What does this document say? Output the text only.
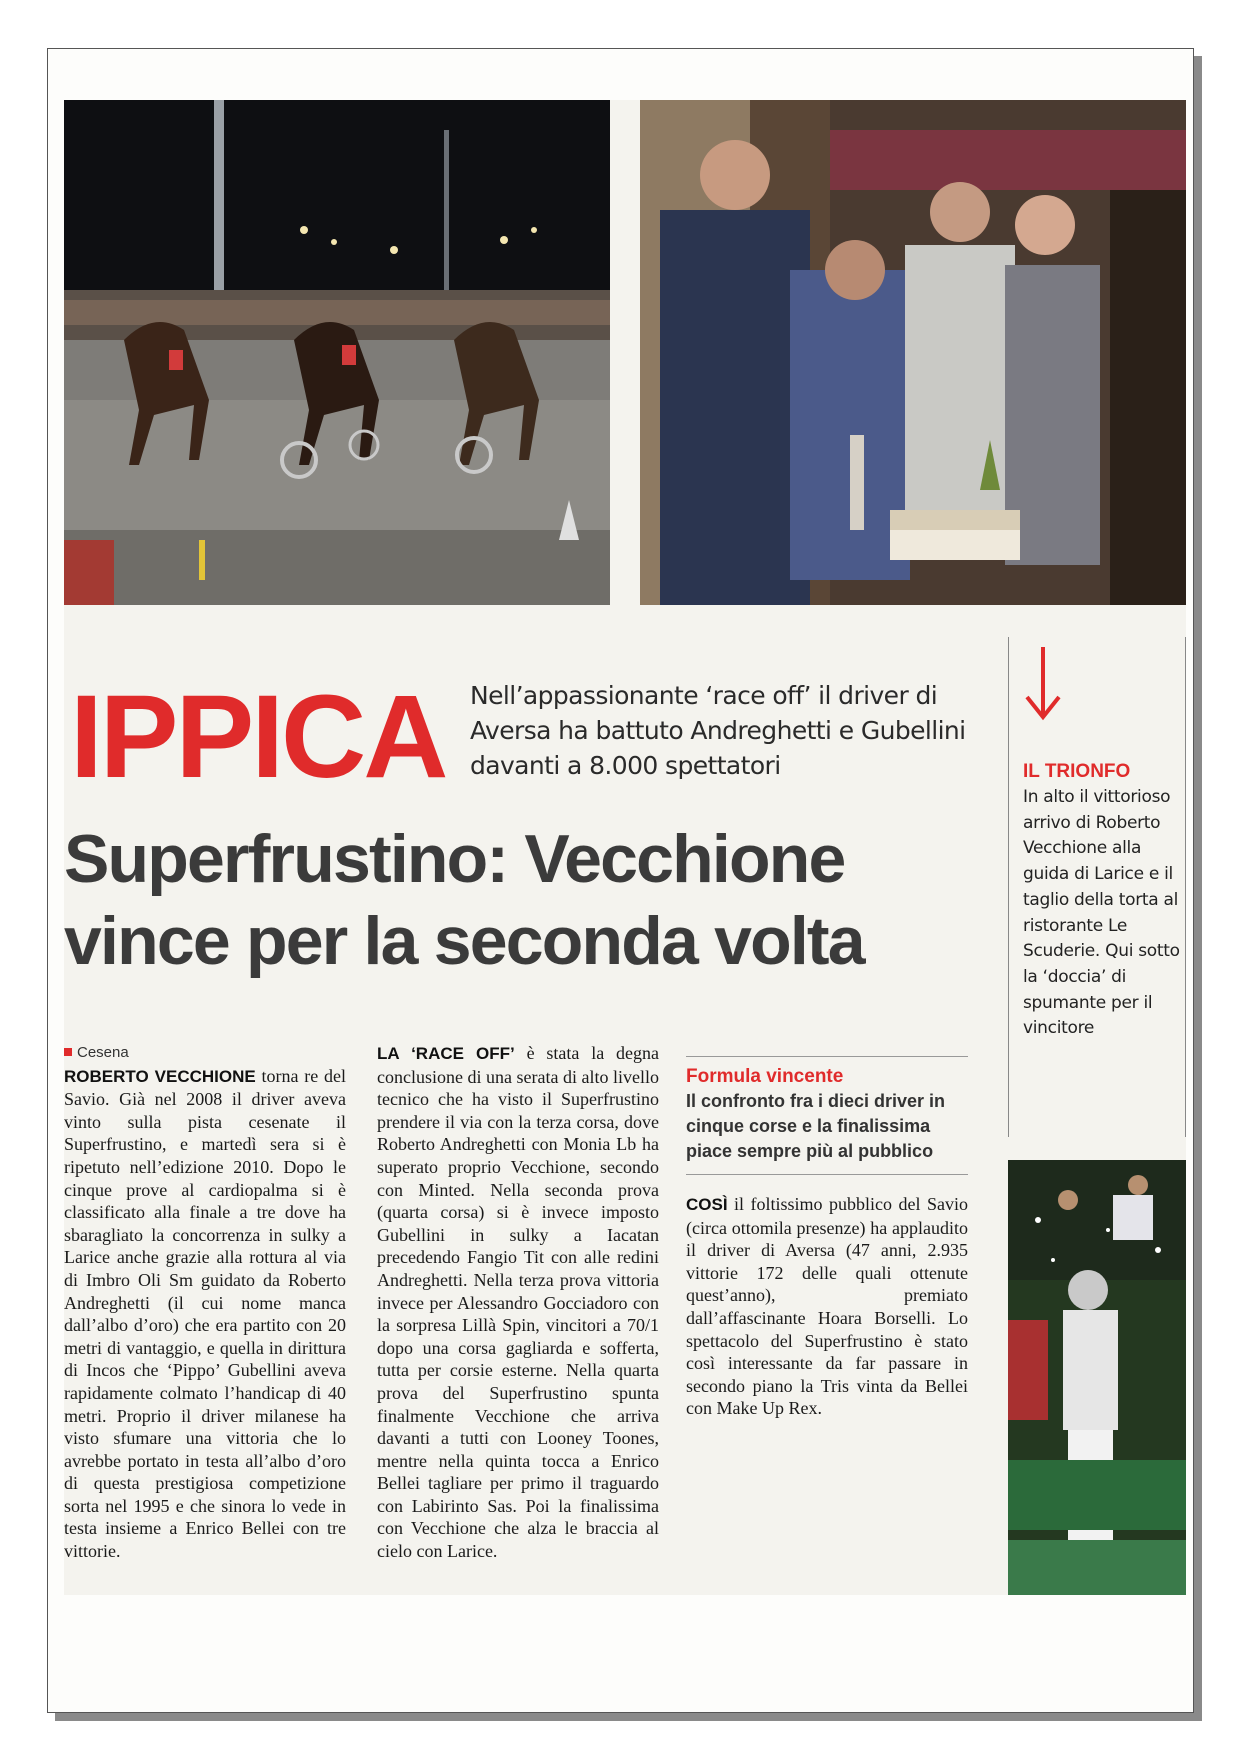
IPPICA Nell’appassionante ‘race off’ il driver di Aversa ha battuto Andreghetti e Gubellini davanti a 8.000 spettatori
Superfrustino: Vecchione
vince per la seconda volta
Cesena

ROBERTO VECCHIONE torna re del Savio. Già nel 2008 il driver aveva vinto sulla pista cesenate il Superfrustino, e martedì sera si è ripetuto nell’edizione 2010. Dopo le cinque prove al cardiopalma si è classificato alla finale a tre dove ha sbaragliato la concorrenza in sulky a Larice anche grazie alla rottura al via di Imbro Oli Sm guidato da Roberto Andreghetti (il cui nome manca dall’albo d’oro) che era partito con 20 metri di vantaggio, e quella in dirittura di Incos che ‘Pippo’ Gubellini aveva rapidamente colmato l’handicap di 40 metri. Proprio il driver milanese ha visto sfumare una vittoria che lo avrebbe portato in testa all’albo d’oro di questa prestigiosa competizione sorta nel 1995 e che sinora lo vede in testa insieme a Enrico Bellei con tre vittorie.

LA ‘RACE OFF’ è stata la degna conclusione di una serata di alto livello tecnico che ha visto il Superfrustino prendere il via con la terza corsa, dove Roberto Andreghetti con Monia Lb ha superato proprio Vecchione, secondo con Minted. Nella seconda prova (quarta corsa) si è invece imposto Gubellini in sulky a Iacatan precedendo Fangio Tit con alle redini Andreghetti. Nella terza prova vittoria invece per Alessandro Gocciadoro con la sorpresa Lillà Spin, vincitori a 70/1 dopo una corsa gagliarda e sofferta, tutta per corsie esterne. Nella quarta prova del Superfrustino spunta finalmente Vecchione che arriva davanti a tutti con Looney Toones, mentre nella quinta tocca a Enrico Bellei tagliare per primo il traguardo con Labirinto Sas. Poi la finalissima con Vecchione che alza le braccia al cielo con Larice.

Formula vincente
Il confronto fra i dieci driver in cinque corse e la finalissima piace sempre più al pubblico

COSÌ il foltissimo pubblico del Savio (circa ottomila presenze) ha applaudito il driver di Aversa (47 anni, 2.935 vittorie 172 delle quali ottenute quest’anno), premiato dall’affascinante Hoara Borselli. Lo spettacolo del Superfrustino è stato così interessante da far passare in secondo piano la Tris vinta da Bellei con Make Up Rex.

IL TRIONFO

In alto il vittorioso arrivo di Roberto Vecchione alla guida di Larice e il taglio della torta al ristorante Le Scuderie. Qui sotto la ‘doccia’ di spumante per il vincitore
